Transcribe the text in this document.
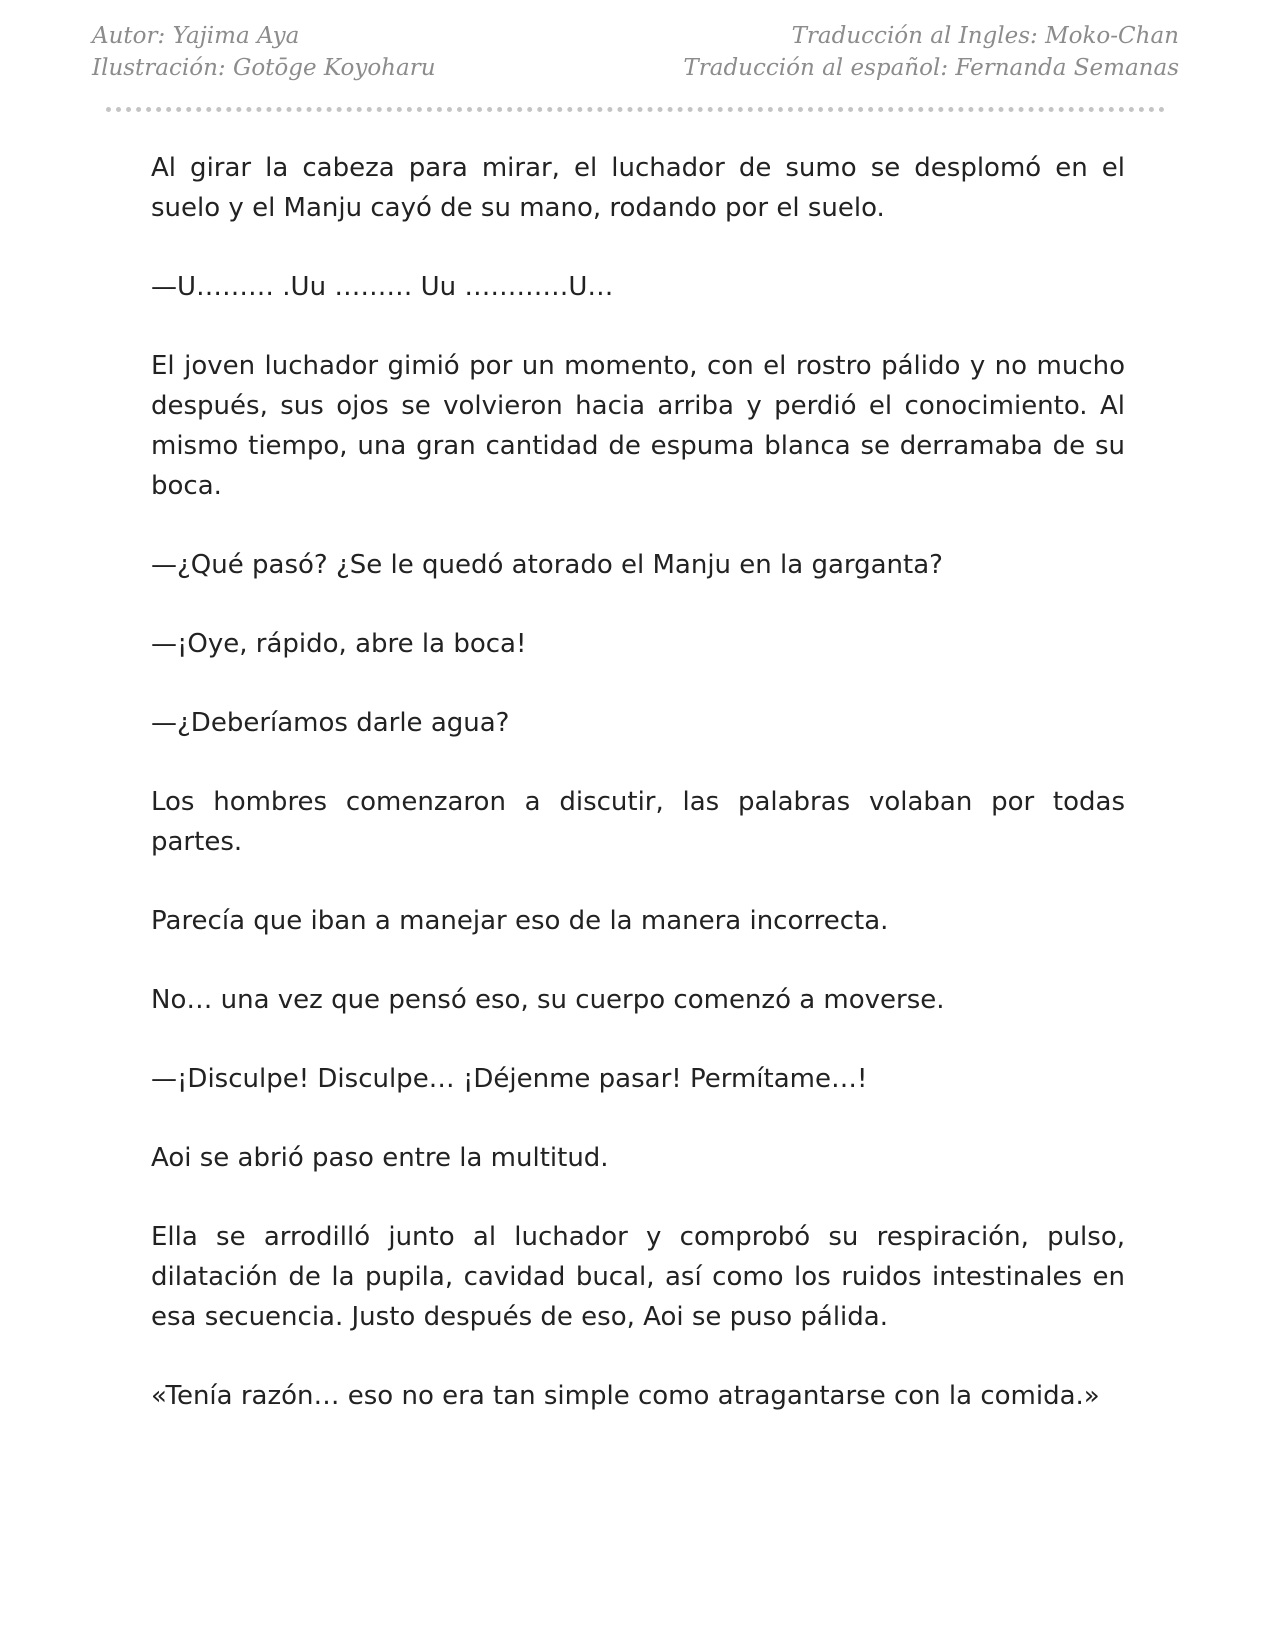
Autor: Yajima Aya
Ilustración: Gotōge Koyoharu
Traducción al Ingles: Moko-Chan
Traducción al español: Fernanda Semanas

Al girar la cabeza para mirar, el luchador de sumo se desplomó en el suelo y el Manju cayó de su mano, rodando por el suelo.

—U……… .Uu ……… Uu …………U…

El joven luchador gimió por un momento, con el rostro pálido y no mucho después, sus ojos se volvieron hacia arriba y perdió el conocimiento. Al mismo tiempo, una gran cantidad de espuma blanca se derramaba de su boca.

—¿Qué pasó? ¿Se le quedó atorado el Manju en la garganta?

—¡Oye, rápido, abre la boca!

—¿Deberíamos darle agua?

Los hombres comenzaron a discutir, las palabras volaban por todas partes.

Parecía que iban a manejar eso de la manera incorrecta.

No… una vez que pensó eso, su cuerpo comenzó a moverse.

—¡Disculpe! Disculpe… ¡Déjenme pasar! Permítame…!

Aoi se abrió paso entre la multitud.

Ella se arrodilló junto al luchador y comprobó su respiración, pulso, dilatación de la pupila, cavidad bucal, así como los ruidos intestinales en esa secuencia. Justo después de eso, Aoi se puso pálida.

«Tenía razón… eso no era tan simple como atragantarse con la comida.»
